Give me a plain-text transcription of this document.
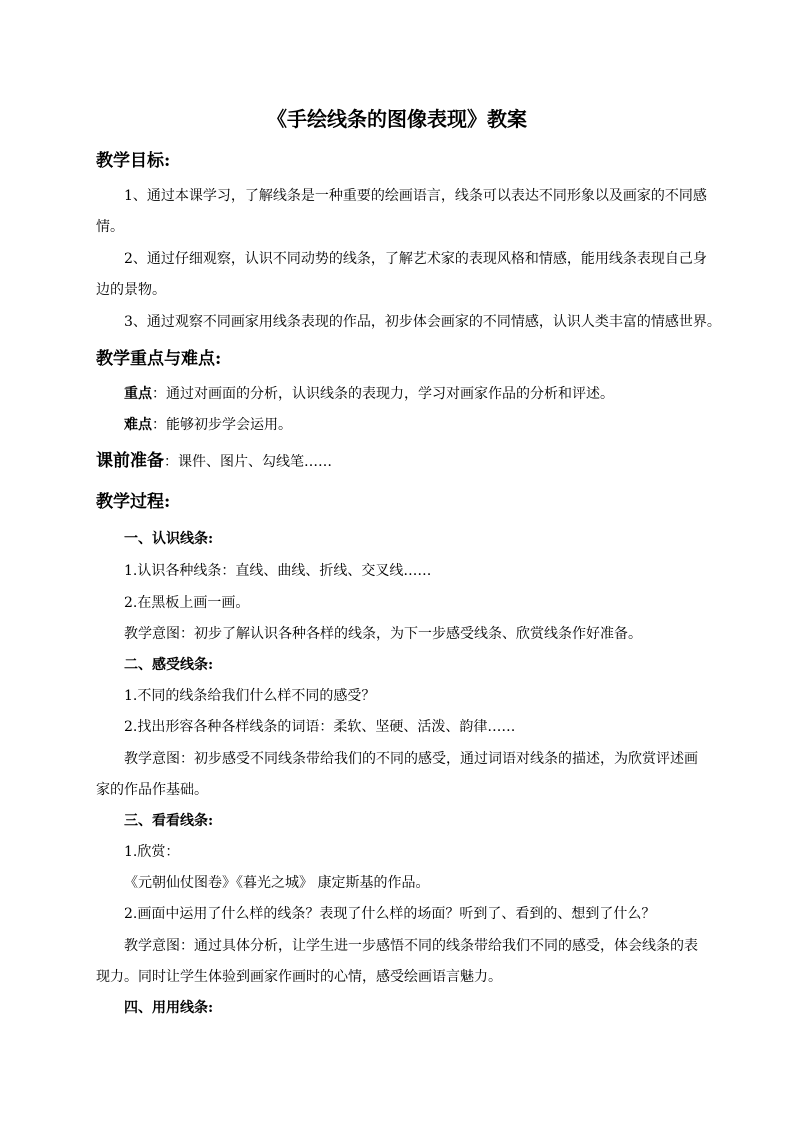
《手绘线条的图像表现》教案
教学目标:
1、通过本课学习，了解线条是一种重要的绘画语言，线条可以表达不同形象以及画家的不同感
情。
2、通过仔细观察，认识不同动势的线条，了解艺术家的表现风格和情感，能用线条表现自己身
边的景物。
3、通过观察不同画家用线条表现的作品，初步体会画家的不同情感，认识人类丰富的情感世界。
教学重点与难点:
重点：通过对画面的分析，认识线条的表现力，学习对画家作品的分析和评述。
难点：能够初步学会运用。
课前准备：课件、图片、勾线笔……
教学过程:
一、认识线条:
1.认识各种线条：直线、曲线、折线、交叉线……
2.在黑板上画一画。
教学意图：初步了解认识各种各样的线条，为下一步感受线条、欣赏线条作好准备。
二、感受线条:
1.不同的线条给我们什么样不同的感受？
2.找出形容各种各样线条的词语：柔软、坚硬、活泼、韵律……
教学意图：初步感受不同线条带给我们的不同的感受，通过词语对线条的描述，为欣赏评述画
家的作品作基础。
三、看看线条:
1.欣赏：
《元朝仙仗图卷》《暮光之城》 康定斯基的作品。
2.画面中运用了什么样的线条？表现了什么样的场面？听到了、看到的、想到了什么？
教学意图：通过具体分析，让学生进一步感悟不同的线条带给我们不同的感受，体会线条的表
现力。同时让学生体验到画家作画时的心情，感受绘画语言魅力。
四、用用线条:
